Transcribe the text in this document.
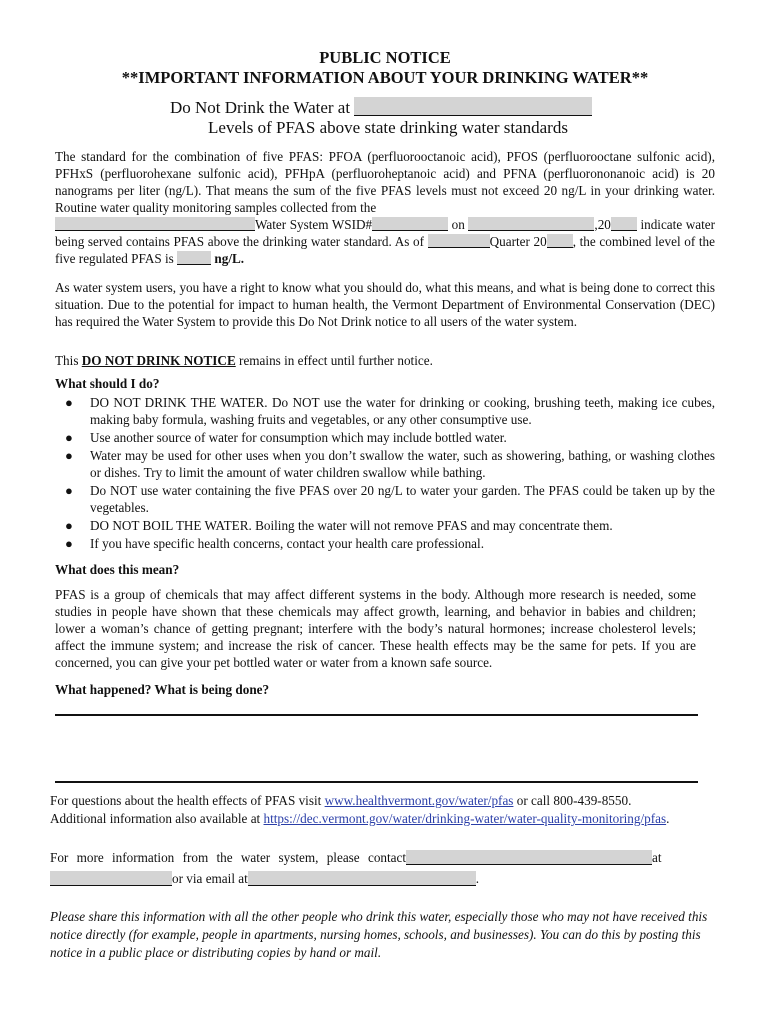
PUBLIC NOTICE
**IMPORTANT INFORMATION ABOUT YOUR DRINKING WATER**
Do Not Drink the Water at
Levels of PFAS above state drinking water standards
The standard for the combination of five PFAS: PFOA (perfluorooctanoic acid), PFOS (perfluorooctane sulfonic acid), PFHxS (perfluorohexane sulfonic acid), PFHpA (perfluoroheptanoic acid) and PFNA (perfluorononanoic acid) is 20 nanograms per liter (ng/L). That means the sum of the five PFAS levels must not exceed 20 ng/L in your drinking water. Routine water quality monitoring samples collected from the
Water System WSID#	on	,20 indicate water being served contains PFAS above the drinking water standard. As of	Quarter 20 , the combined level of the five regulated PFAS is	ng/L.
As water system users, you have a right to know what you should do, what this means, and what is being done to correct this situation. Due to the potential for impact to human health, the Vermont Department of Environmental Conservation (DEC) has required the Water System to provide this Do Not Drink notice to all users of the water system.
This DO NOT DRINK NOTICE remains in effect until further notice.
What should I do?
● DO NOT DRINK THE WATER. Do NOT use the water for drinking or cooking, brushing teeth, making ice cubes, making baby formula, washing fruits and vegetables, or any other consumptive use.
● Use another source of water for consumption which may include bottled water.
● Water may be used for other uses when you don’t swallow the water, such as showering, bathing, or washing clothes or dishes. Try to limit the amount of water children swallow while bathing.
● Do NOT use water containing the five PFAS over 20 ng/L to water your garden. The PFAS could be taken up by the vegetables.
● DO NOT BOIL THE WATER. Boiling the water will not remove PFAS and may concentrate them.
● If you have specific health concerns, contact your health care professional.
What does this mean?
PFAS is a group of chemicals that may affect different systems in the body. Although more research is needed, some studies in people have shown that these chemicals may affect growth, learning, and behavior in babies and children; lower a woman’s chance of getting pregnant; interfere with the body’s natural hormones; increase cholesterol levels; affect the immune system; and increase the risk of cancer. These health effects may be the same for pets. If you are concerned, you can give your pet bottled water or water from a known safe source.
What happened? What is being done?
For questions about the health effects of PFAS visit www.healthvermont.gov/water/pfas or call 800-439-8550.
Additional information also available at https://dec.vermont.gov/water/drinking-water/water-quality-monitoring/pfas.
For more information from the water system, please contact	at
or via email at	.
Please share this information with all the other people who drink this water, especially those who may not have received this notice directly (for example, people in apartments, nursing homes, schools, and businesses). You can do this by posting this notice in a public place or distributing copies by hand or mail.
